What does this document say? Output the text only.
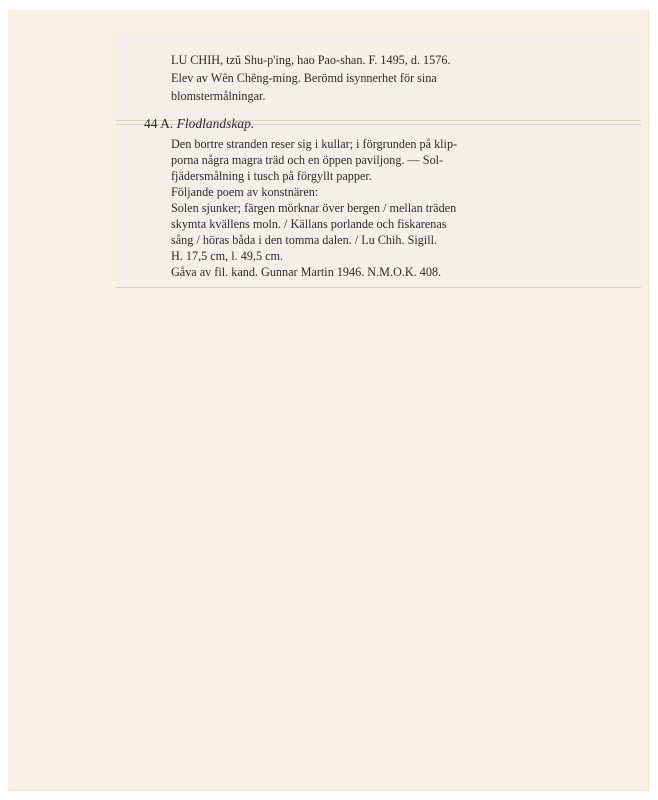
LU CHIH, tzŭ Shu-p'ing, hao Pao-shan. F. 1495, d. 1576.
Elev av Wên Chêng-ming. Berömd isynnerhet för sina
blomstermålningar.
Den bortre stranden reser sig i kullar; i förgrunden på klip-
porna några magra träd och en öppen paviljong. — Sol-
fjädersmålning i tusch på förgyllt papper.
Följande poem av konstnären:
Solen sjunker; färgen mörknar över bergen / mellan träden
skymta kvällens moln. / Källans porlande och fiskarenas
sång / höras båda i den tomma dalen. / Lu Chih. Sigill.
H. 17,5 cm, l. 49,5 cm.
Gåva av fil. kand. Gunnar Martin 1946. N.M.O.K. 408.
44 A. Flodlandskap.
